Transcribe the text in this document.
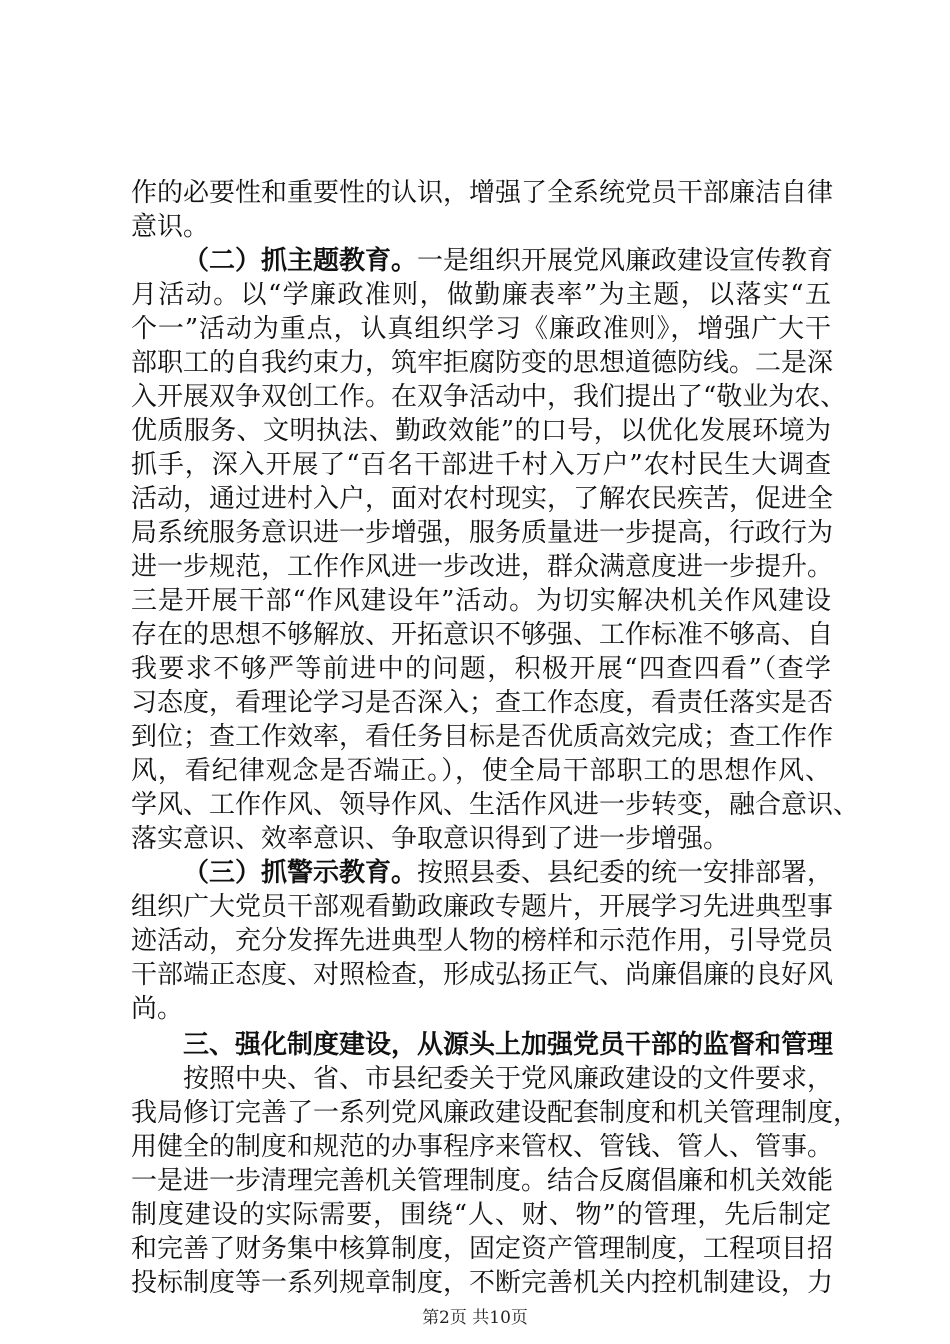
作的必要性和重要性的认识，增强了全系统党员干部廉洁自律
意识。
（二）抓主题教育。一是组织开展党风廉政建设宣传教育
月活动。以“学廉政准则，做勤廉表率”为主题，以落实“五
个一”活动为重点，认真组织学习《廉政准则》，增强广大干
部职工的自我约束力，筑牢拒腐防变的思想道德防线。二是深
入开展双争双创工作。在双争活动中，我们提出了“敬业为农、
优质服务、文明执法、勤政效能”的口号，以优化发展环境为
抓手，深入开展了“百名干部进千村入万户”农村民生大调查
活动，通过进村入户，面对农村现实，了解农民疾苦，促进全
局系统服务意识进一步增强，服务质量进一步提高，行政行为
进一步规范，工作作风进一步改进，群众满意度进一步提升。
三是开展干部“作风建设年”活动。为切实解决机关作风建设
存在的思想不够解放、开拓意识不够强、工作标准不够高、自
我要求不够严等前进中的问题，积极开展“四查四看”（查学
习态度，看理论学习是否深入；查工作态度，看责任落实是否
到位；查工作效率，看任务目标是否优质高效完成；查工作作
风，看纪律观念是否端正。），使全局干部职工的思想作风、
学风、工作作风、领导作风、生活作风进一步转变，融合意识、
落实意识、效率意识、争取意识得到了进一步增强。
（三）抓警示教育。按照县委、县纪委的统一安排部署，
组织广大党员干部观看勤政廉政专题片，开展学习先进典型事
迹活动，充分发挥先进典型人物的榜样和示范作用，引导党员
干部端正态度、对照检查，形成弘扬正气、尚廉倡廉的良好风
尚。
三、强化制度建设，从源头上加强党员干部的监督和管理
按照中央、省、市县纪委关于党风廉政建设的文件要求，
我局修订完善了一系列党风廉政建设配套制度和机关管理制度，
用健全的制度和规范的办事程序来管权、管钱、管人、管事。
一是进一步清理完善机关管理制度。结合反腐倡廉和机关效能
制度建设的实际需要，围绕“人、财、物”的管理，先后制定
和完善了财务集中核算制度，固定资产管理制度，工程项目招
投标制度等一系列规章制度，不断完善机关内控机制建设，力
第2页 共10页
